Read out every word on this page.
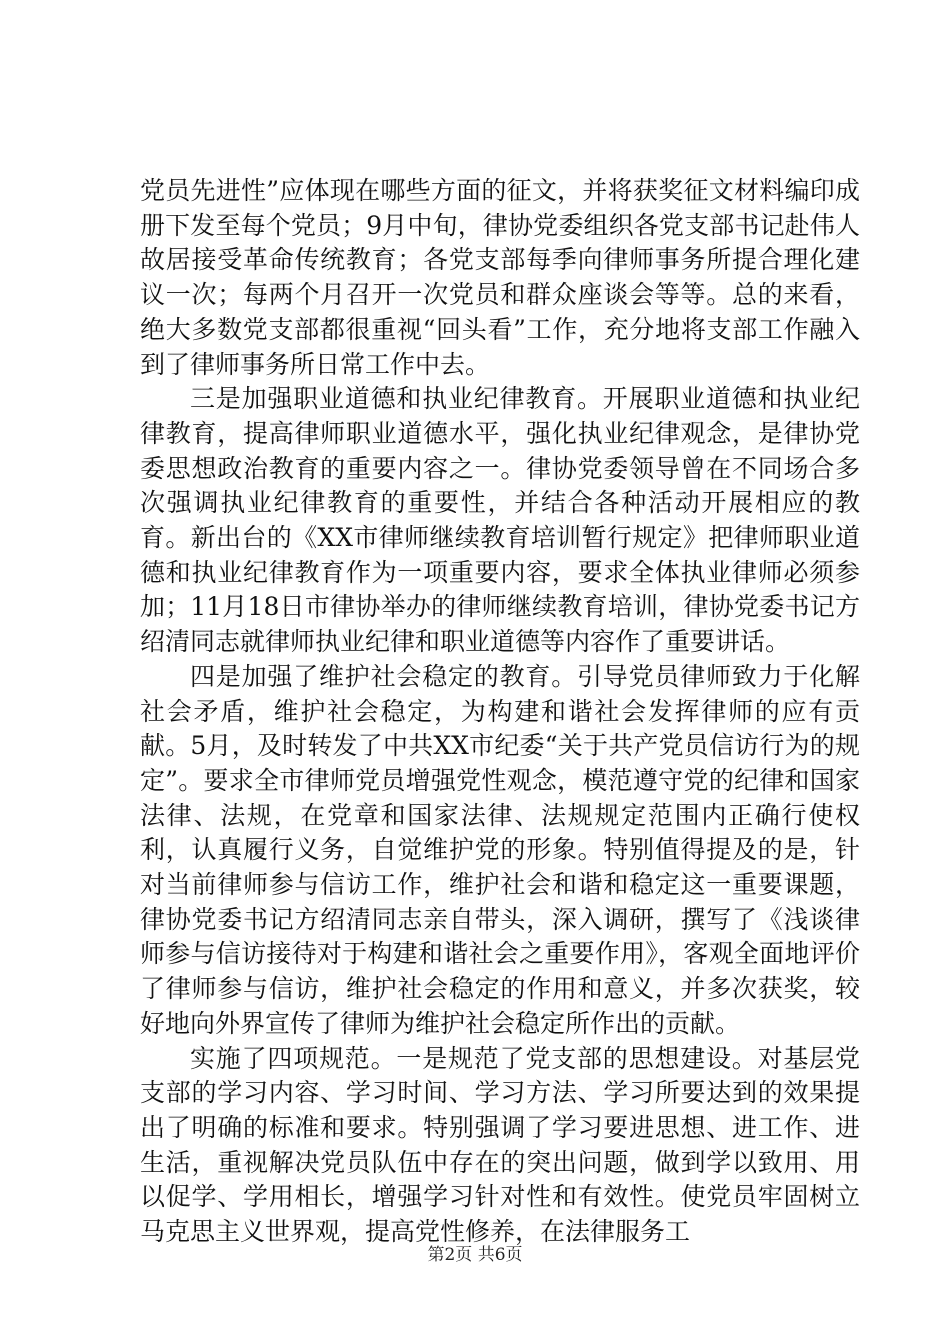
党员先进性”应体现在哪些方面的征文，并将获奖征文材料编印成册下发至每个党员；9月中旬，律协党委组织各党支部书记赴伟人故居接受革命传统教育；各党支部每季向律师事务所提合理化建议一次；每两个月召开一次党员和群众座谈会等等。总的来看，绝大多数党支部都很重视“回头看”工作，充分地将支部工作融入到了律师事务所日常工作中去。

三是加强职业道德和执业纪律教育。开展职业道德和执业纪律教育，提高律师职业道德水平，强化执业纪律观念，是律协党委思想政治教育的重要内容之一。律协党委领导曾在不同场合多次强调执业纪律教育的重要性，并结合各种活动开展相应的教育。新出台的《XX市律师继续教育培训暂行规定》把律师职业道德和执业纪律教育作为一项重要内容，要求全体执业律师必须参加；11月18日市律协举办的律师继续教育培训，律协党委书记方绍清同志就律师执业纪律和职业道德等内容作了重要讲话。

四是加强了维护社会稳定的教育。引导党员律师致力于化解社会矛盾，维护社会稳定，为构建和谐社会发挥律师的应有贡献。5月，及时转发了中共XX市纪委“关于共产党员信访行为的规定”。要求全市律师党员增强党性观念，模范遵守党的纪律和国家法律、法规，在党章和国家法律、法规规定范围内正确行使权利，认真履行义务，自觉维护党的形象。特别值得提及的是，针对当前律师参与信访工作，维护社会和谐和稳定这一重要课题，律协党委书记方绍清同志亲自带头，深入调研，撰写了《浅谈律师参与信访接待对于构建和谐社会之重要作用》，客观全面地评价了律师参与信访，维护社会稳定的作用和意义，并多次获奖，较好地向外界宣传了律师为维护社会稳定所作出的贡献。

实施了四项规范。一是规范了党支部的思想建设。对基层党支部的学习内容、学习时间、学习方法、学习所要达到的效果提出了明确的标准和要求。特别强调了学习要进思想、进工作、进生活，重视解决党员队伍中存在的突出问题，做到学以致用、用以促学、学用相长，增强学习针对性和有效性。使党员牢固树立马克思主义世界观，提高党性修养，在法律服务工

第2页 共6页
